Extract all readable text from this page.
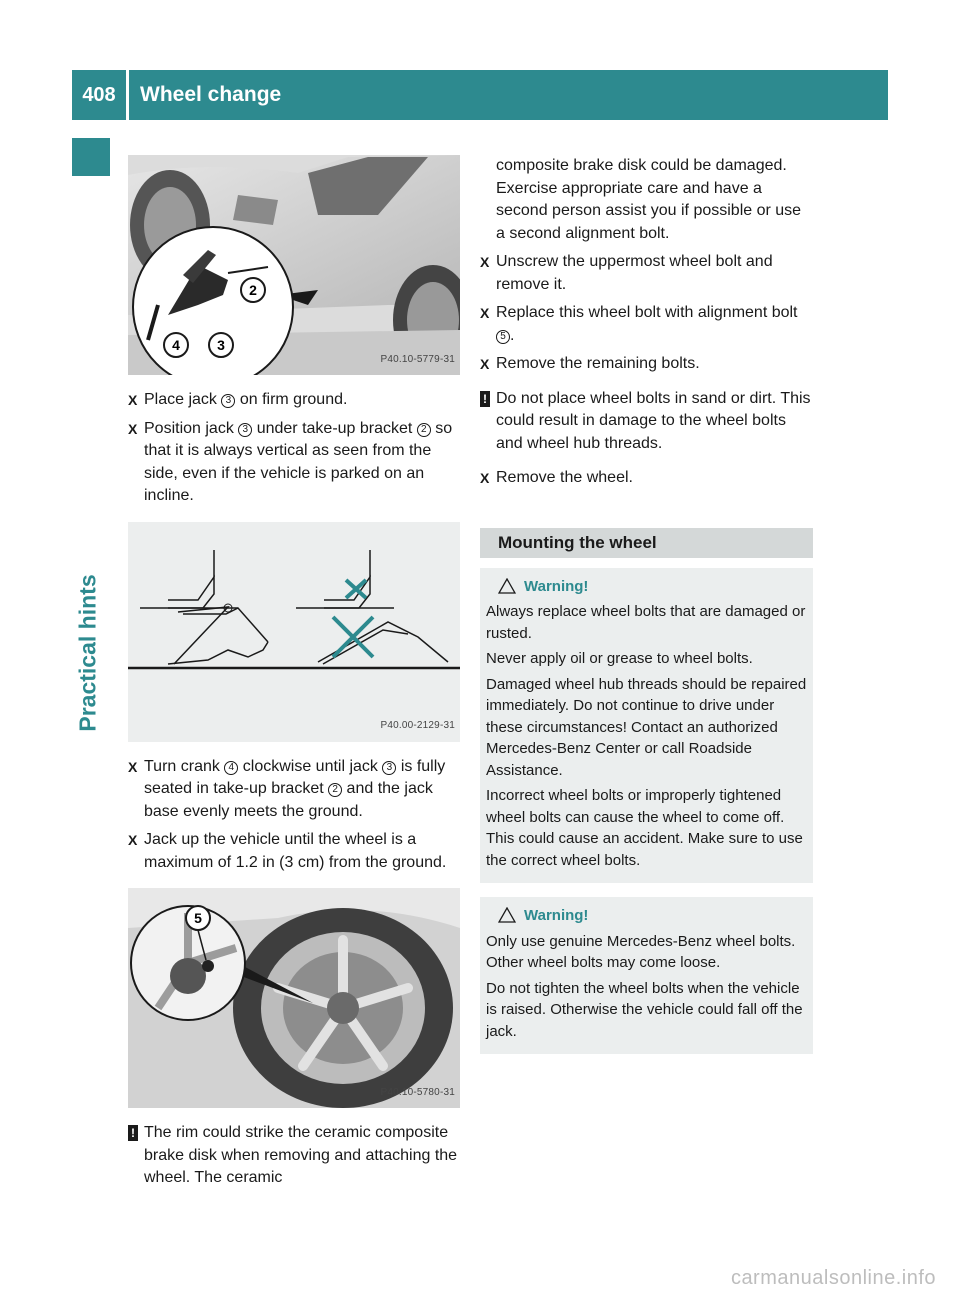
408	Wheel change
Practical hints
2
4	3
P40.10-5779-31
X Place jack 3 on firm ground.
X Position jack 3 under take-up bracket 2 so that it is always vertical as seen from the side, even if the vehicle is parked on an incline.
P40.00-2129-31
X Turn crank 4 clockwise until jack 3 is fully seated in take-up bracket 2 and the jack base evenly meets the ground.
X Jack up the vehicle until the wheel is a maximum of 1.2 in (3 cm) from the ground.
5
P40.10-5780-31
! The rim could strike the ceramic composite brake disk when removing and attaching the wheel. The ceramic
composite brake disk could be damaged. Exercise appropriate care and have a second person assist you if possible or use a second alignment bolt.
X Unscrew the uppermost wheel bolt and remove it.
X Replace this wheel bolt with alignment bolt 5 .
X Remove the remaining bolts.
! Do not place wheel bolts in sand or dirt. This could result in damage to the wheel bolts and wheel hub threads.
X Remove the wheel.
Mounting the wheel
Warning!

Always replace wheel bolts that are damaged or rusted.

Never apply oil or grease to wheel bolts.

Damaged wheel hub threads should be repaired immediately. Do not continue to drive under these circumstances! Contact an authorized Mercedes-Benz Center or call Roadside Assistance.

Incorrect wheel bolts or improperly tightened wheel bolts can cause the wheel to come off. This could cause an accident. Make sure to use the correct wheel bolts.

Warning!

Only use genuine Mercedes-Benz wheel bolts. Other wheel bolts may come loose.

Do not tighten the wheel bolts when the vehicle is raised. Otherwise the vehicle could fall off the jack.

carmanualsonline.info
